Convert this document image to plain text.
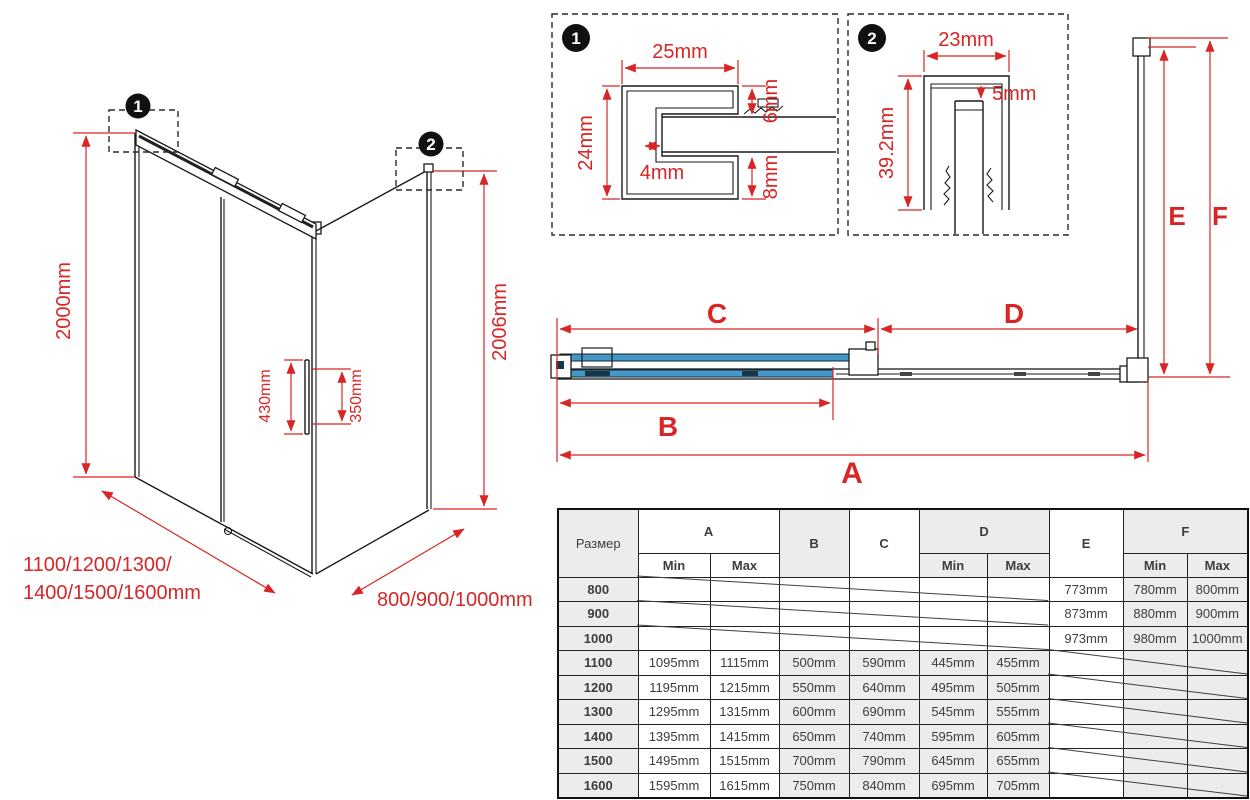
2000mm	2006mm
430mm	350mm
1100/1200/1300/
1400/1500/1600mm	800/900/1000mm
1
2
1
25mm
24mm
6mm
8mm
4mm
2	23mm
39.2mm
5mm
C	D
B
A
E F
Размер	A		B	C	D		E	F	
	Min	Max			Min	Max		Min	Max
800							773mm	780mm	800mm
900							873mm	880mm	900mm
1000							973mm	980mm	1000mm
1100	1095mm	1115mm	500mm	590mm	445mm	455mm			
1200	1195mm	1215mm	550mm	640mm	495mm	505mm			
1300	1295mm	1315mm	600mm	690mm	545mm	555mm			
1400	1395mm	1415mm	650mm	740mm	595mm	605mm			
1500	1495mm	1515mm	700mm	790mm	645mm	655mm			
1600	1595mm	1615mm	750mm	840mm	695mm	705mm			
